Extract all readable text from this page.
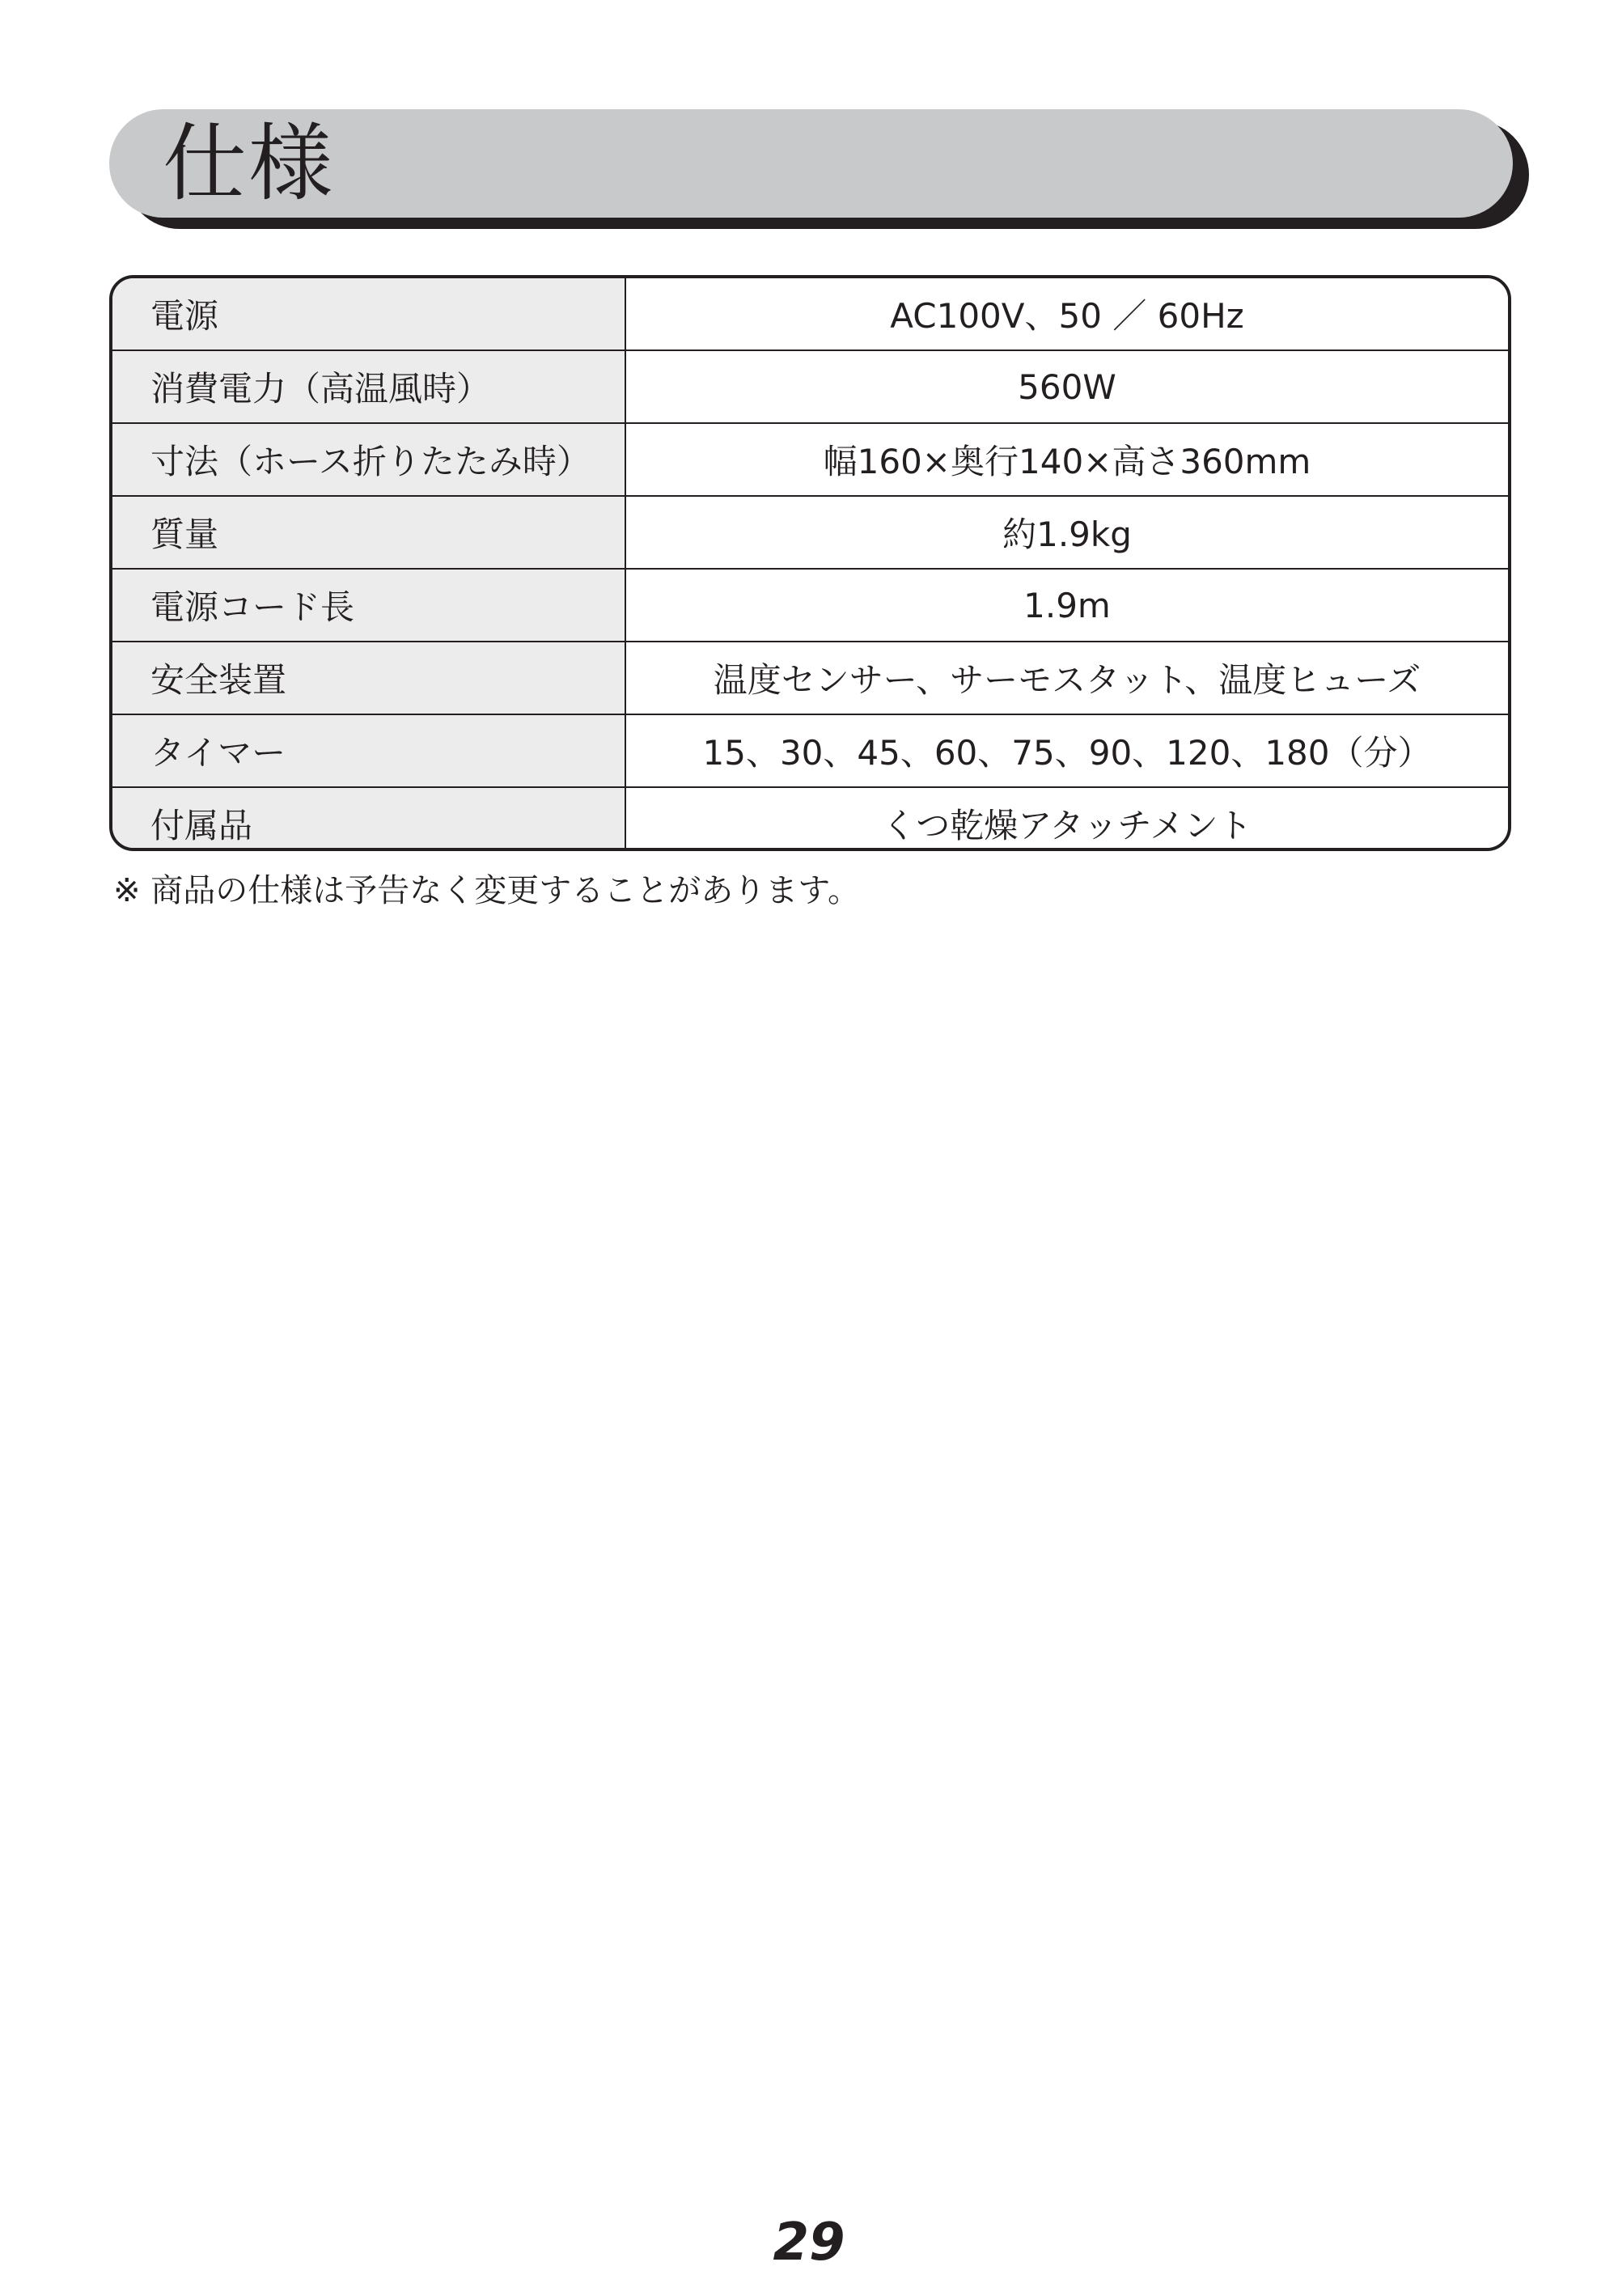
仕様
電源	AC100V、50 ／ 60Hz
消費電力（高温風時）	560W
寸法（ホース折りたたみ時）	幅160×奥行140×高さ360mm
質量	約1.9kg
電源コード長	1.9m
安全装置	温度センサー、サーモスタット、温度ヒューズ
タイマー	15、30、45、60、75、90、120、180（分）
付属品	くつ乾燥アタッチメント
※ 商品の仕様は予告なく変更することがあります。
29
